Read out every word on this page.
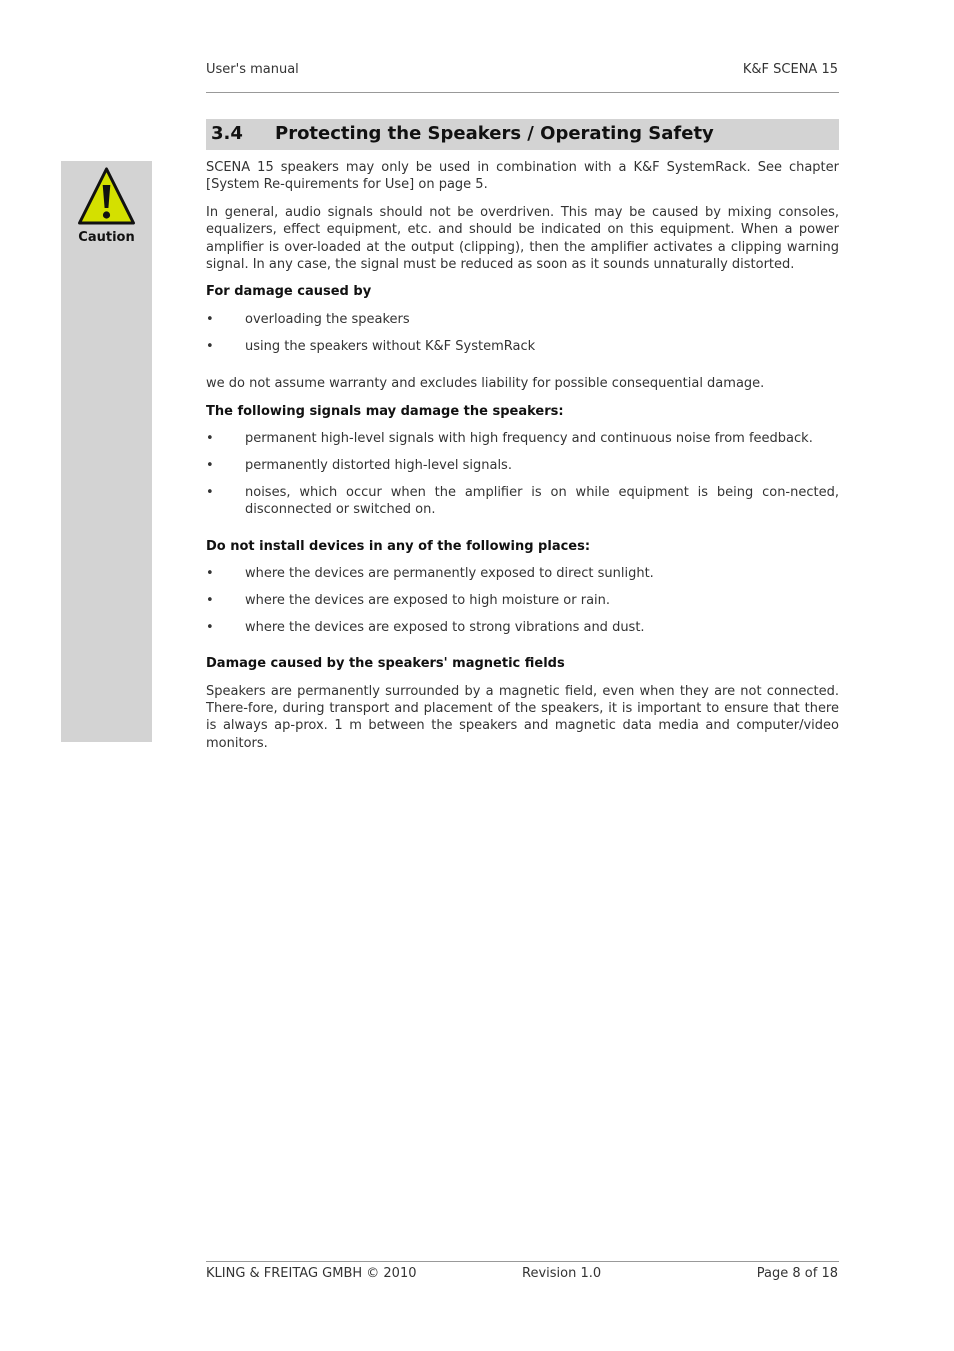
User's manual	K&F SCENA 15
3.4 Protecting the Speakers / Operating Safety
Caution

SCENA 15 speakers may only be used in combination with a K&F SystemRack. See chapter [System Re-quirements for Use] on page 5.

In general, audio signals should not be overdriven. This may be caused by mixing consoles, equalizers, effect equipment, etc. and should be indicated on this equipment. When a power amplifier is over-loaded at the output (clipping), then the amplifier activates a clipping warning signal. In any case, the signal must be reduced as soon as it sounds unnaturally distorted.

For damage caused by

• overloading the speakers
• using the speakers without K&F SystemRack

we do not assume warranty and excludes liability for possible consequential damage.

The following signals may damage the speakers:

• permanent high-level signals with high frequency and continuous noise from feedback.
• permanently distorted high-level signals.
• noises, which occur when the amplifier is on while equipment is being con-nected, disconnected or switched on.

Do not install devices in any of the following places:

• where the devices are permanently exposed to direct sunlight.
• where the devices are exposed to high moisture or rain.
• where the devices are exposed to strong vibrations and dust.

Damage caused by the speakers' magnetic fields

Speakers are permanently surrounded by a magnetic field, even when they are not connected. There-fore, during transport and placement of the speakers, it is important to ensure that there is always ap-prox. 1 m between the speakers and magnetic data media and computer/video monitors.

KLING & FREITAG GMBH © 2010	Revision 1.0	Page 8 of 18
